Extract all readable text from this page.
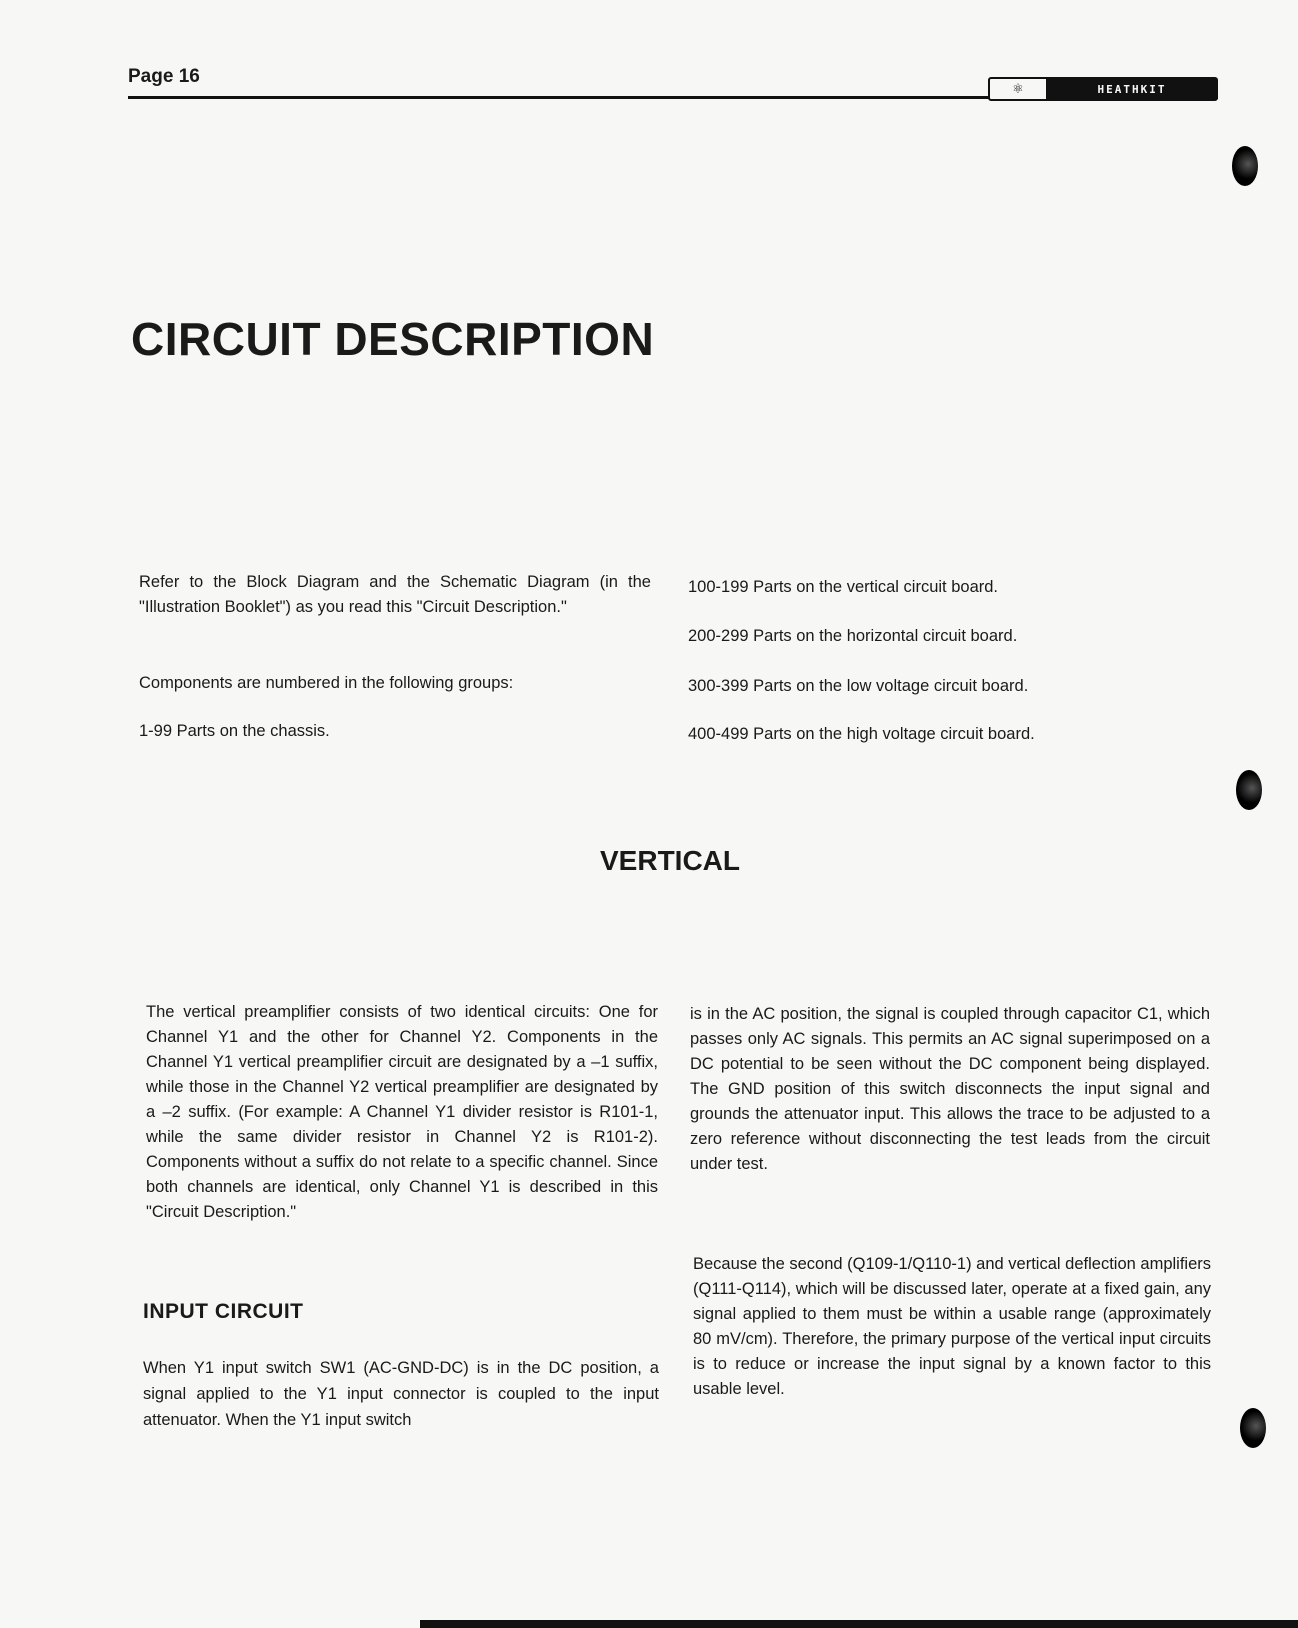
Page 16
⚛	HEATHKIT
CIRCUIT DESCRIPTION

Refer to the Block Diagram and the Schematic Diagram (in the "Illustration Booklet") as you read this "Circuit Description."

Components are numbered in the following groups:

1-99 Parts on the chassis.

100-199 Parts on the vertical circuit board.

200-299 Parts on the horizontal circuit board.

300-399 Parts on the low voltage circuit board.

400-499 Parts on the high voltage circuit board.

VERTICAL

The vertical preamplifier consists of two identical circuits: One for Channel Y1 and the other for Channel Y2. Components in the Channel Y1 vertical preamplifier circuit are designated by a –1 suffix, while those in the Channel Y2 vertical preamplifier are designated by a –2 suffix. (For example: A Channel Y1 divider resistor is R101-1, while the same divider resistor in Channel Y2 is R101-2). Components without a suffix do not relate to a specific channel. Since both channels are identical, only Channel Y1 is described in this "Circuit Description."

INPUT CIRCUIT

When Y1 input switch SW1 (AC-GND-DC) is in the DC position, a signal applied to the Y1 input connector is coupled to the input attenuator. When the Y1 input switch

is in the AC position, the signal is coupled through capacitor C1, which passes only AC signals. This permits an AC signal superimposed on a DC potential to be seen without the DC component being displayed. The GND position of this switch disconnects the input signal and grounds the attenuator input. This allows the trace to be adjusted to a zero reference without disconnecting the test leads from the circuit under test.

Because the second (Q109-1/Q110-1) and vertical deflection amplifiers (Q111-Q114), which will be discussed later, operate at a fixed gain, any signal applied to them must be within a usable range (approximately 80 mV/cm). Therefore, the primary purpose of the vertical input circuits is to reduce or increase the input signal by a known factor to this usable level.
